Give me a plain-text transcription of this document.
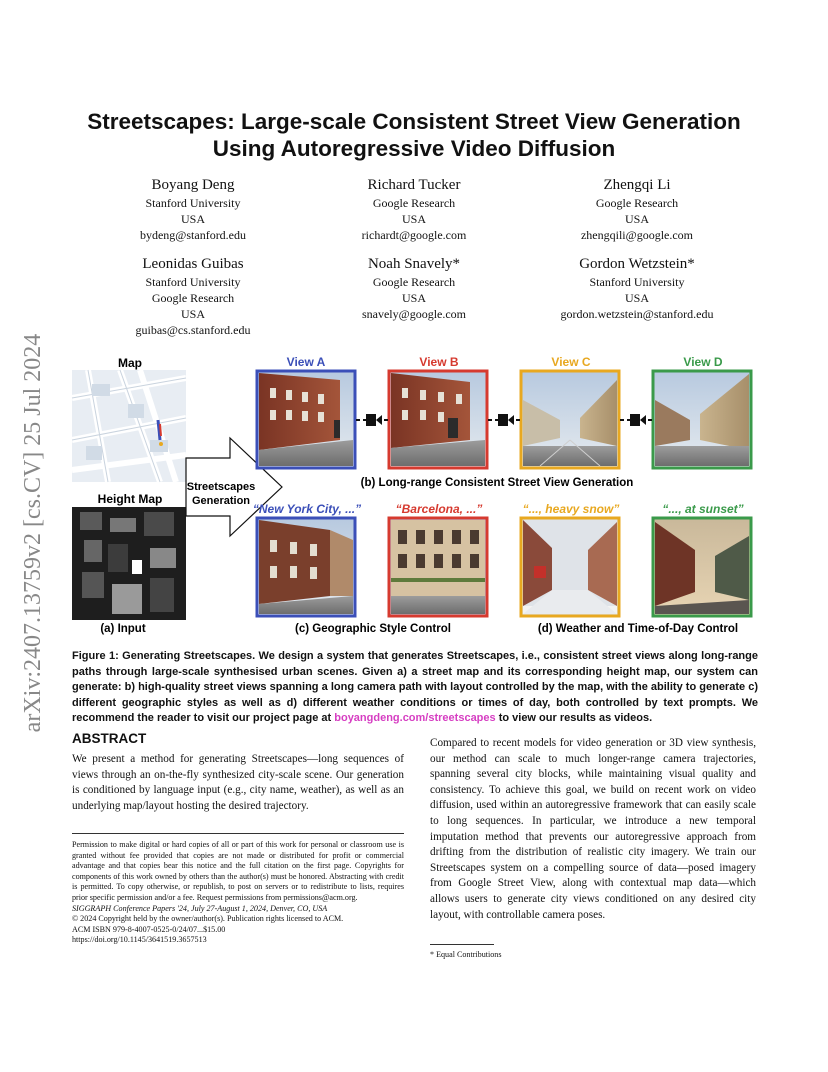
arXiv:2407.13759v2 [cs.CV] 25 Jul 2024
Streetscapes: Large-scale Consistent Street View Generation
Using Autoregressive Video Diffusion
Boyang Deng
Stanford University
USA
bydeng@stanford.edu
Richard Tucker
Google Research
USA
richardt@google.com
Zhengqi Li
Google Research
USA
zhengqili@google.com
Leonidas Guibas
Stanford University
Google Research
USA
guibas@cs.stanford.edu
Noah Snavely*
Google Research
USA
snavely@google.com
Gordon Wetzstein*
Stanford University
USA
gordon.wetzstein@stanford.edu
Map
Height Map
Streetscapes
Generation
View A	View B	View C	View D
(b) Long-range Consistent Street View Generation
“New York City, ...”	“Barcelona, ...”	“..., heavy snow”	“..., at sunset”
(a) Input	(c) Geographic Style Control	(d) Weather and Time-of-Day Control
Figure 1: Generating Streetscapes. We design a system that generates Streetscapes, i.e., consistent street views along long-range paths through large-scale synthesised urban scenes. Given a) a street map and its corresponding height map, our system can generate: b) high-quality street views spanning a long camera path with layout controlled by the map, with the ability to generate c) different geographic styles as well as d) different weather conditions or times of day, both controlled by text prompts. We recommend the reader to visit our project page at boyangdeng.com/streetscapes to view our results as videos.
ABSTRACT
We present a method for generating Streetscapes—long sequences of views through an on-the-fly synthesized city-scale scene. Our generation is conditioned by language input (e.g., city name, weather), as well as an underlying map/layout hosting the desired trajectory.
Compared to recent models for video generation or 3D view synthesis, our method can scale to much longer-range camera trajectories, spanning several city blocks, while maintaining visual quality and consistency. To achieve this goal, we build on recent work on video diffusion, used within an autoregressive framework that can easily scale to long sequences. In particular, we introduce a new temporal imputation method that prevents our autoregressive approach from drifting from the distribution of realistic city imagery. We train our Streetscapes system on a compelling source of data—posed imagery from Google Street View, along with contextual map data—which allows users to generate city views conditioned on any desired city layout, with controllable camera poses.
Permission to make digital or hard copies of all or part of this work for personal or classroom use is granted without fee provided that copies are not made or distributed for profit or commercial advantage and that copies bear this notice and the full citation on the first page. Copyrights for components of this work owned by others than the author(s) must be honored. Abstracting with credit is permitted. To copy otherwise, or republish, to post on servers or to redistribute to lists, requires prior specific permission and/or a fee. Request permissions from permissions@acm.org.
SIGGRAPH Conference Papers '24, July 27-August 1, 2024, Denver, CO, USA
© 2024 Copyright held by the owner/author(s). Publication rights licensed to ACM.
ACM ISBN 979-8-4007-0525-0/24/07...$15.00
https://doi.org/10.1145/3641519.3657513
* Equal Contributions
